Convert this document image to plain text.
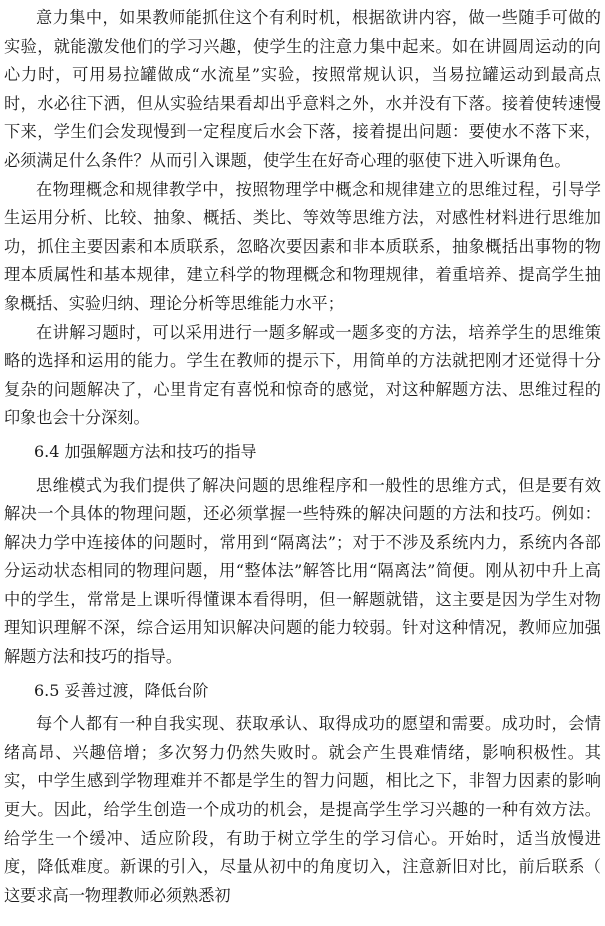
意力集中，如果教师能抓住这个有利时机，根据欲讲内容，做一些随手可做的实验，就能激发他们的学习兴趣，使学生的注意力集中起来。如在讲圆周运动的向心力时，可用易拉罐做成“水流星”实验，按照常规认识，当易拉罐运动到最高点时，水必往下洒，但从实验结果看却出乎意料之外，水并没有下落。接着使转速慢下来，学生们会发现慢到一定程度后水会下落，接着提出问题：要使水不落下来，必须满足什么条件？从而引入课题，使学生在好奇心理的驱使下进入听课角色。

在物理概念和规律教学中，按照物理学中概念和规律建立的思维过程，引导学生运用分析、比较、抽象、概括、类比、等效等思维方法，对感性材料进行思维加功，抓住主要因素和本质联系，忽略次要因素和非本质联系，抽象概括出事物的物理本质属性和基本规律，建立科学的物理概念和物理规律，着重培养、提高学生抽象概括、实验归纳、理论分析等思维能力水平；

在讲解习题时，可以采用进行一题多解或一题多变的方法，培养学生的思维策略的选择和运用的能力。学生在教师的提示下，用简单的方法就把刚才还觉得十分复杂的问题解决了，心里肯定有喜悦和惊奇的感觉，对这种解题方法、思维过程的印象也会十分深刻。

6.4 加强解题方法和技巧的指导

思维模式为我们提供了解决问题的思维程序和一般性的思维方式，但是要有效解决一个具体的物理问题，还必须掌握一些特殊的解决问题的方法和技巧。例如：解决力学中连接体的问题时，常用到“隔离法”；对于不涉及系统内力，系统内各部分运动状态相同的物理问题，用“整体法”解答比用“隔离法”简便。刚从初中升上高中的学生，常常是上课听得懂课本看得明，但一解题就错，这主要是因为学生对物理知识理解不深，综合运用知识解决问题的能力较弱。针对这种情况，教师应加强解题方法和技巧的指导。

6.5 妥善过渡，降低台阶

每个人都有一种自我实现、获取承认、取得成功的愿望和需要。成功时，会情绪高昂、兴趣倍增；多次努力仍然失败时。就会产生畏难情绪，影响积极性。其实，中学生感到学物理难并不都是学生的智力问题，相比之下，非智力因素的影响更大。因此，给学生创造一个成功的机会，是提高学生学习兴趣的一种有效方法。给学生一个缓冲、适应阶段，有助于树立学生的学习信心。开始时，适当放慢进度，降低难度。新课的引入，尽量从初中的角度切入，注意新旧对比，前后联系（ 这要求高一物理教师必须熟悉初
